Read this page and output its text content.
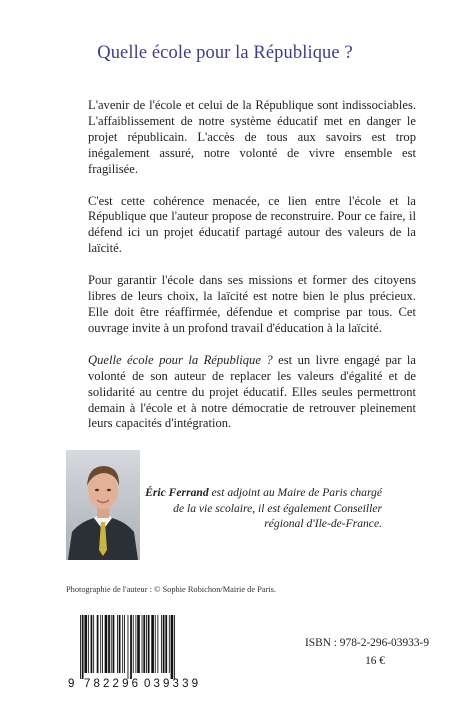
Quelle école pour la République ?

L'avenir de l'école et celui de la République sont indissociables. L'affaiblissement de notre système éducatif met en danger le projet républicain. L'accès de tous aux savoirs est trop inégalement assuré, notre volonté de vivre ensemble est fragilisée.

C'est cette cohérence menacée, ce lien entre l'école et la République que l'auteur propose de reconstruire. Pour ce faire, il défend ici un projet éducatif partagé autour des valeurs de la laïcité.

Pour garantir l'école dans ses missions et former des citoyens libres de leurs choix, la laïcité est notre bien le plus précieux. Elle doit être réaffirmée, défendue et comprise par tous. Cet ouvrage invite à un profond travail d'éducation à la laïcité.

Quelle école pour la République ? est un livre engagé par la volonté de son auteur de replacer les valeurs d'égalité et de solidarité au centre du projet éducatif. Elles seules permettront demain à l'école et à notre démocratie de retrouver pleinement leurs capacités d'intégration.

Éric Ferrand est adjoint au Maire de Paris chargé de la vie scolaire, il est également Conseiller régional d'Ile-de-France.
Photographie de l'auteur : © Sophie Robichon/Mairie de Paris.
9 782296 039339
ISBN : 978-2-296-03933-9
16 €
